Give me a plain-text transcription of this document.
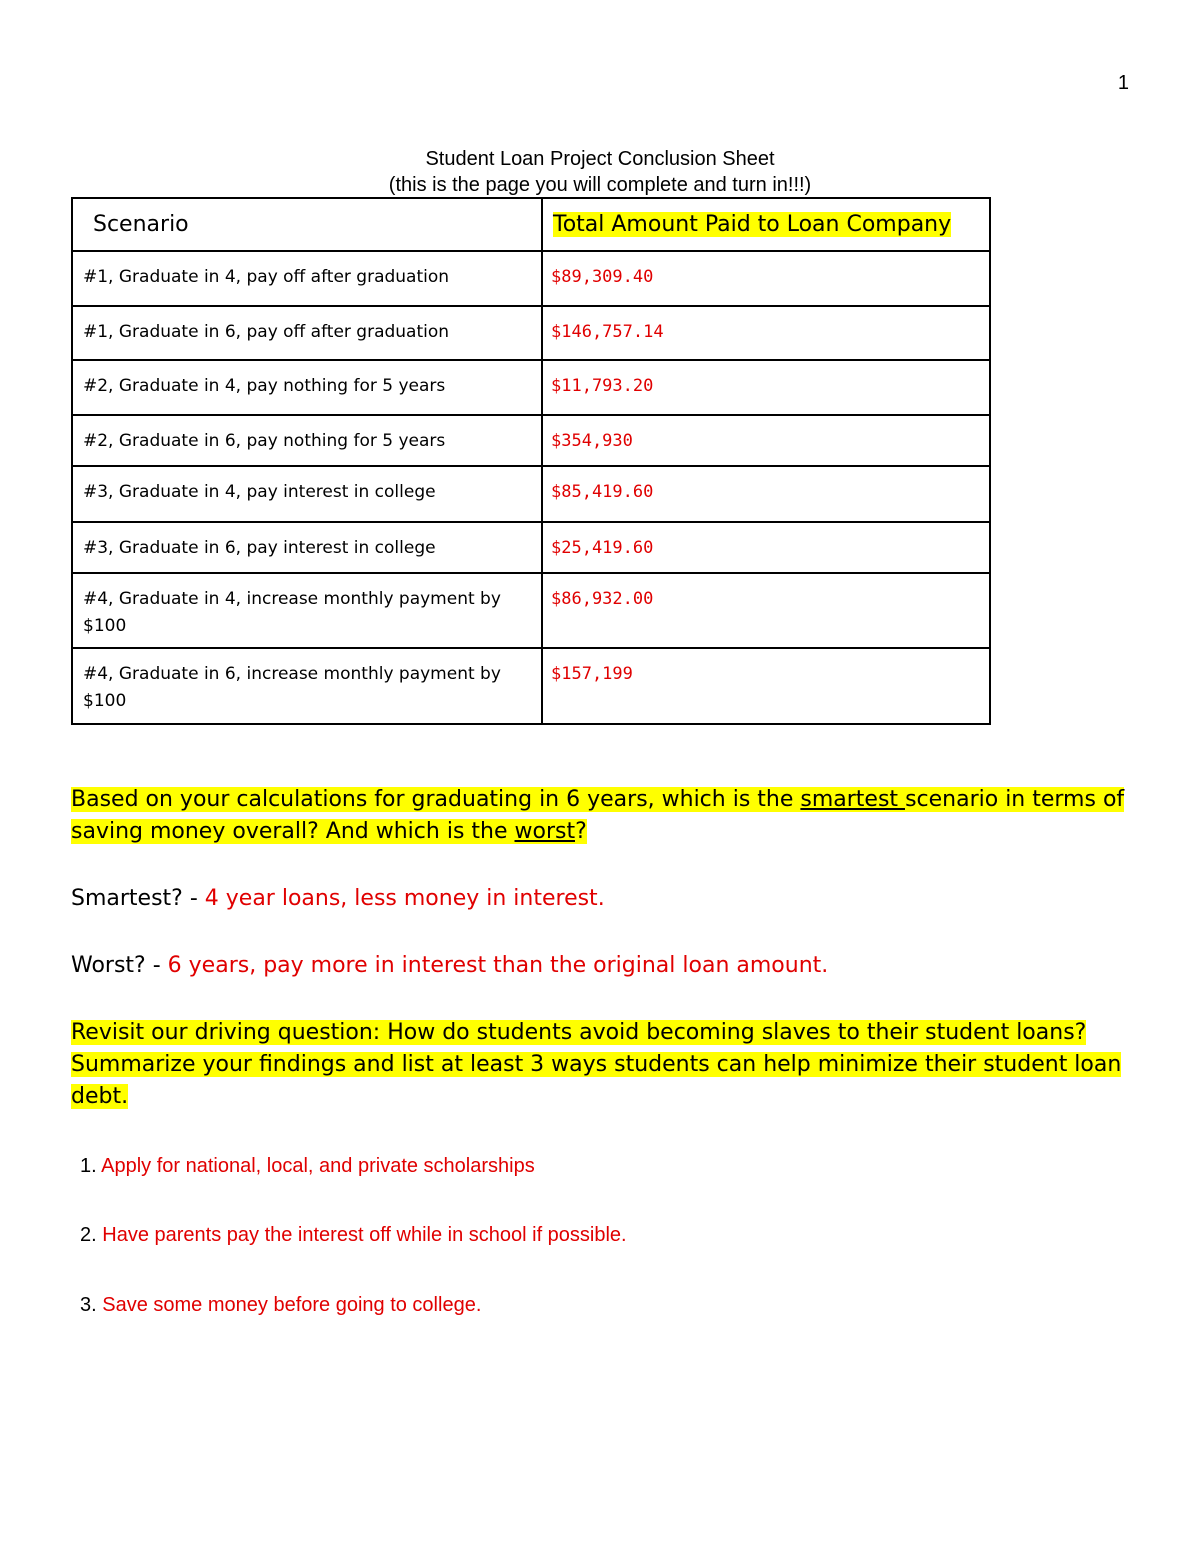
1
Student Loan Project Conclusion Sheet
(this is the page you will complete and turn in!!!)
Scenario	Total Amount Paid to Loan Company
#1, Graduate in 4, pay off after graduation	$89,309.40
#1, Graduate in 6, pay off after graduation	$146,757.14
#2, Graduate in 4, pay nothing for 5 years	$11,793.20
#2, Graduate in 6, pay nothing for 5 years	$354,930
#3, Graduate in 4, pay interest in college	$85,419.60
#3, Graduate in 6, pay interest in college	$25,419.60
#4, Graduate in 4, increase monthly payment by $100	$86,932.00
#4, Graduate in 6, increase monthly payment by $100	$157,199
Based on your calculations for graduating in 6 years, which is the smartest scenario in terms of saving money overall? And which is the worst?
Smartest? - 4 year loans, less money in interest.
Worst? - 6 years, pay more in interest than the original loan amount.
Revisit our driving question: How do students avoid becoming slaves to their student loans? Summarize your findings and list at least 3 ways students can help minimize their student loan debt.
1. Apply for national, local, and private scholarships
2. Have parents pay the interest off while in school if possible.
3. Save some money before going to college.
